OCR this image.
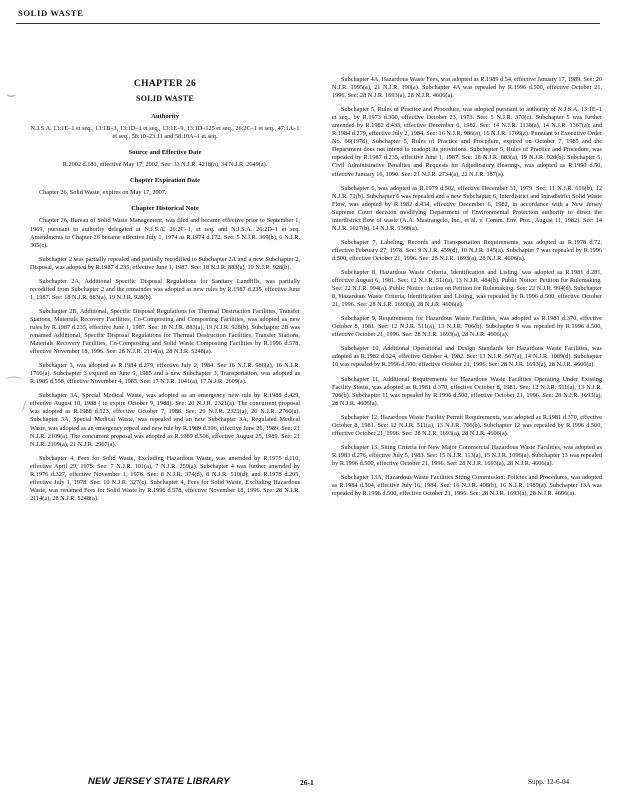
SOLID WASTE
⌣
⌒
/
CHAPTER 26
SOLID WASTE
Authority
N.J.S.A. 13:1E–1 et seq., 13:1B–3, 13:1D–1 et seq., 13:1E–9, 13:1D–125 et seq., 26:2C–1 et seq., 47:1A–1 et seq., 58:10–23.11 and 58:10A–1 et seq.
Source and Effective Date

R.2002 d.181, effective May 17, 2002. See: 33 N.J.R. 4218(a), 34 N.J.R. 2049(a).

Chapter Expiration Date

Chapter 26, Solid Waste, expires on May 17, 2007.

Chapter Historical Note

Chapter 26, Bureau of Solid Waste Management, was filed and became effective prior to September 1, 1969, pursuant to authority delegated at N.J.S.A. 26:2C–1, et seq. and N.J.S.A. 26:2D–1 et seq. Amendments to Chapter 26 became effective July 1, 1974 as R.1974 d.172. See: 5 N.J.R. 369(b), 6 N.J.R. 305(c).

Subchapter 2 was partially repealed and partially recodified to Subchapter 2A and a new Subchapter 2, Disposal, was adopted by R.1987 d.235, effective June 1, 1987. See: 18 N.J.R. 883(a), 19 N.J.R. 928(b).

Subchapter 2A, Additional Specific Disposal Regulations for Sanitary Landfills, was partially recodified from Subchapter 2 and the remainder was adopted as new rules by R.1987 d.235, effective June 1, 1987. See: 18 N.J.R. 883(a), 19 N.J.R. 928(b).

Subchapter 2B, Additional, Specific Disposal Regulations for Thermal Destruction Facilities, Transfer Stations, Materials Recovery Facilities, Co-Composting and Composting Facilities, was adopted as new rules by R.1987 d.235, effective June 1, 1987. See: 18 N.J.R. 883(a), 19 N.J.R. 928(b). Subchapter 2B was renamed Additional, Specific Disposal Regulations for Thermal Destruction Facilities, Transfer Stations, Materials Recovery Facilities, Co-Composting and Solid Waste Composting Facilities by R.1996 d.578, effective November 18, 1996. See: 28 N.J.R. 2114(a), 28 N.J.R. 5248(a).

Subchapter 3, was adopted as R.1984 d.279, effective July 2, 1984. See 16 N.J.R. 986(a), 16 N.J.R. 1766(a). Subchapter 3 expired on June 9, 1985 and a new Subchapter 3, Transportation, was adopted as R.1985 d.558, effective November 4, 1985. See: 17 N.J.R. 1041(a), 17 N.J.R. 2609(a).

Subchapter 3A, Special Medical Waste, was adopted as an emergency new rule by R.1988 d.429, effective August 10, 1988 ( to expire October 9, 1988). See: 20 N.J.R. 2321(a). The concurrent proposal was adopted as R.1988 d.523, effective October 7, 1988. See: 20 N.J.R. 2321(a), 20 N.J.R. 2760(a). Subchapter 3A, Special Medical Waste, was repealed and an new Subchapter 3A, Regulated Medical Waste, was adopted as an emergency repeal and new rule by R.1989 d.396, effective June 26, 1989. See: 21 N.J.R. 2109(a). The concurrent proposal was adopted as R.1989 d.506, effective August 25, 1989. See: 21 N.J.R. 2109(a), 21 N.J.R. 2967(a).

Subchapter 4, Fees for Solid Waste, Excluding Hazardous Waste, was amended by R.1975 d.110, effective April 29, 1975. See: 7 N.J.R. 101(a), 7 N.J.R. 259(a). Subchapter 4 was further amended by R.1976 d.327, effective November 1, 1976. See: 8 N.J.R. 374(d), 8 N.J.R. 510(d); and R.1978 d.205, effective July 1, 1978. See: 10 N.J.R. 327(c). Subchapter 4, Fees for Solid Waste, Excluding Hazardous Waste, was renamed Fees for Solid Waste by R.1996 d.578, effective November 18, 1996. See: 28 N.J.R. 2114(a), 28 N.J.R. 5248(a).

Subchapter 4A, Hazardous Waste Fees, was adopted as R.1989 d.54, effective January 17, 1989. See: 20 N.J.R. 1995(a), 21 N.J.R. 190(a). Subchapter 4A was repealed by R.1996 d.500, effective October 21, 1996. See: 28 N.J.R. 1693(a), 28 N.J.R. 4606(a).

Subchapter 5, Rules of Practice and Procedure, was adopted pursuant to authority of N.J.S.A. 13:1E–1 et seq., by R.1973 d.300, effective October 23, 1973. See: 5 N.J.R. 370(c). Subchapter 5 was further amended by R.1982 d.433, effective December 6, 1982. See: 14 N.J.R. 1138(a), 14 N.J.R. 1367(a); and R.1984 d.279, effective July 2, 1984. See: 16 N.J.R. 986(a), 16 N.J.R. 1766(a). Pursuant to Executive Order No. 66(1978), Subchapter 5, Rules of Practice and Procedure, expired on October 7, 1985 and the Department does not intend to readopt its provisions. Subchapter 5, Rules of Practice and Procedure, was repealed by R.1987 d.235, effective June 1, 1987. See: 18 N.J.R. 883(a), 19 N.J.R. 928(b). Subchapter 5, Civil Administrative Penalties and Requests for Adjudicatory Hearings, was adopted as R.1990 d.50, effective January 16, 1990. See: 21 N.J.R. 2734(a), 22 N.J.R. 187(a).

Subchapter 6, was adopted as R.1979 d.502, effective December 31, 1979. See: 11 N.J.R. 616(b), 12 N.J.R. 71(b). Subchapter 6 was repealed and a new Subchapter 6, Interdistrict and Intradistrict Solid Waste Flow, was adopted by R.1982 d.434, effective December 6, 1982, in accordance with a New Jersey Supreme Court decision modifying Department of Environmental Protection authority to direct the interdistrict flow of waste (A.A. Mastrangelo, Inc., et al. v. Comm. Env. Prot., August 11, 1982). See: 14 N.J.R. 1027(b), 14 N.J.R. 1368(a).

Subchapter 7, Labeling, Records and Transportation Requirements, was adopted as R.1978 d.72, effective February 27, 1978. See: 9 N.J.R. 459(d), 10 N.J.R. 145(a). Subchapter 7 was repealed by R.1996 d.500, effective October 21, 1996. See: 28 N.J.R. 1693(a), 28 N.J.R. 4606(a).

Subchapter 8, Hazardous Waste Criteria, Identification and Listing, was adopted as R.1981 d.281, effective August 6, 1981. See: 12 N.J.R. 511(a), 13 N.J.R. 484(b). Public Notice: Petition for Rulemaking. See: 22 N.J.R. 994(a). Public Notice: Action on Petition for Rulemaking. See: 22 N.J.R. 994(d). Subchapter 8, Hazardous Waste Criteria, Identification and Listing, was repealed by R.1996 d.500, effective October 21, 1996. See: 28 N.J.R. 1693(a), 28 N.J.R. 4606(a).

Subchapter 9, Requirements for Hazardous Waste Facilities, was adopted as R.1981 d.370, effective October 8, 1981. See: 12 N.J.R. 511(a), 13 N.J.R. 706(b). Subchapter 9 was repealed by R.1996 d.500, effective October 21, 1996. See: 28 N.J.R. 1693(a), 28 N.J.R. 4606(a).

Subchapter 10, Additional Operational and Design Standards for Hazardous Waste Facilities, was adopted as R.1982 d.324, effective October 4, 1982. See: 13 N.J.R. 567(a), 14 N.J.R. 1089(d). Subchapter 10 was repealed by R.1996 d.500, effective October 21, 1996. See: 28 N.J.R. 1693(a), 28 N.J.R. 4606(a).

Subchapter 11, Additional Requirements for Hazardous Waste Facilities Operating Under Existing Facility Status, was adopted as R.1981 d.370, effective October 8, 1981. See: 12 N.J.R. 511(a), 13 N.J.R. 706(b). Subchapter 11 was repealed by R.1996 d.500, effective October 21, 1996. See: 28 N.J.R. 1693(a), 28 N.J.R. 4606(a).

Subchapter 12, Hazardous Waste Facility Permit Requirements, was adopted as R.1981 d.370, effective October 8, 1981. See: 12 N.J.R. 511(a), 13 N.J.R. 706(b). Subchapter 12 was repealed by R.1996 d.500, effective October 21, 1996. See: 28 N.J.R. 1693(a), 28 N.J.R. 4606(a).

Subchapter 13, Siting Criteria for New Major Commercial Hazardous Waste Facilities, was adopted as R.1983 d.276, effective July 5, 1983. See: 15 N.J.R. 113(a), 15 N.J.R. 1096(a). Subchapter 13 was repealed by R.1996 d.500, effective October 21, 1996. See: 28 N.J.R. 1693(a), 28 N.J.R. 4606(a).

Subchapter 13A, Hazardous Waste Facilities Siting Commission: Policies and Procedures, was adopted as R.1984 d.304, effective July 16, 1984. See: 16 N.J.R. 408(b), 16 N.J.R. 1989(a). Subchapter 13A was repealed by R.1996 d.500, effective October 21, 1996. See: 28 N.J.R. 1693(a), 28 N.J.R. 4606(a).

NEW JERSEY STATE LIBRARY	26-1	Supp. 12-6-04
